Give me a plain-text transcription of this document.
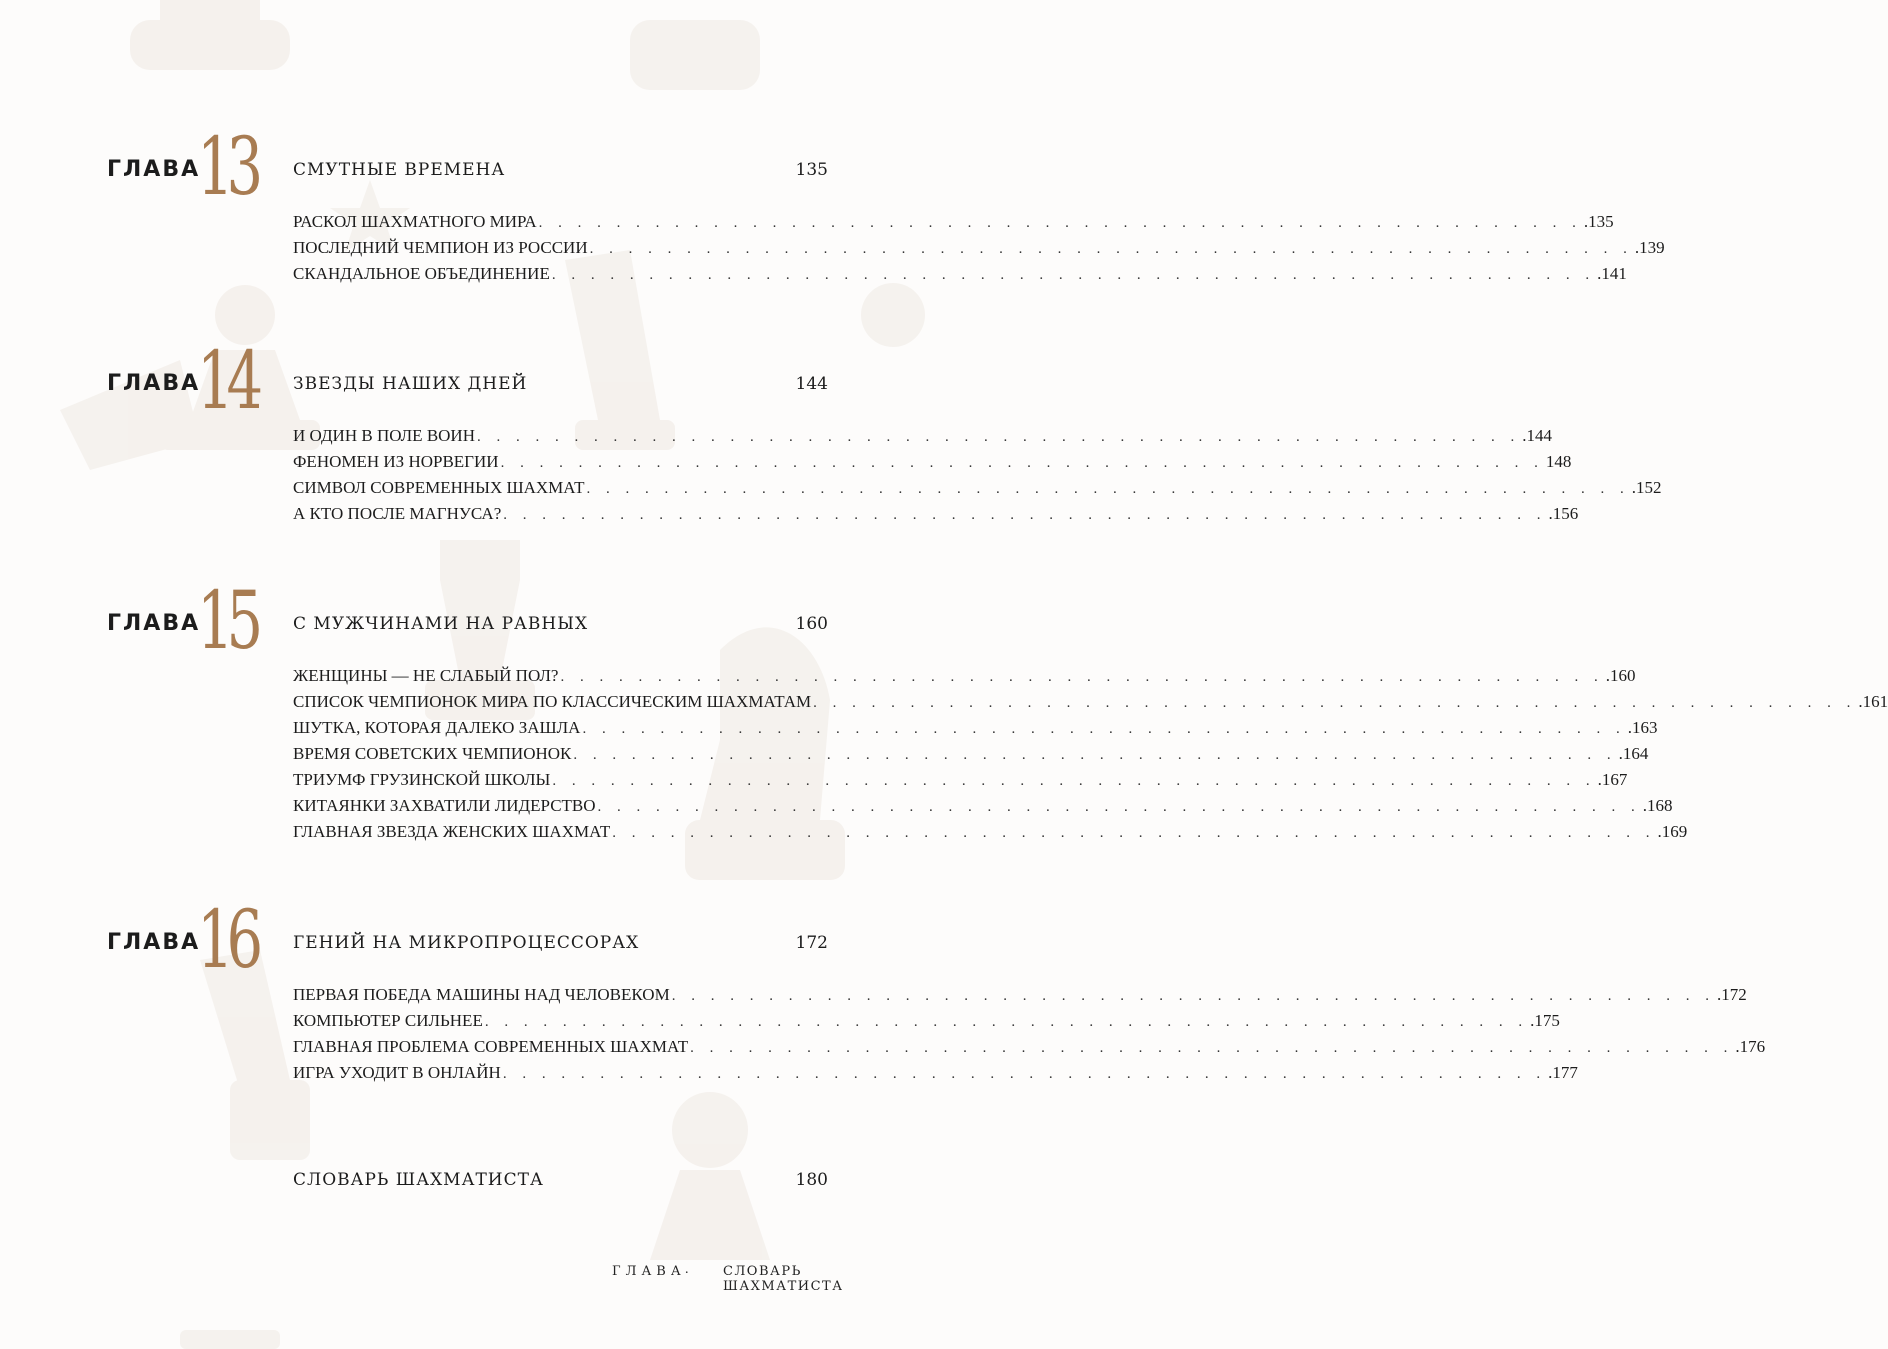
ГЛАВА
13 СМУТНЫЕ ВРЕМЕНА	135
РАСКОЛ ШАХМАТНОГО МИРА . . .	.135
ПОСЛЕДНИЙ ЧЕМПИОН ИЗ РОССИИ . . .	.139
СКАНДАЛЬНОЕ ОБЪЕДИНЕНИЕ . . .	.141
ГЛАВА
14 ЗВЕЗДЫ НАШИХ ДНЕЙ	144
И ОДИН В ПОЛЕ ВОИН . . .	.144
ФЕНОМЕН ИЗ НОРВЕГИИ . . .	148
СИМВОЛ СОВРЕМЕННЫХ ШАХМАТ . . .	.152
А КТО ПОСЛЕ МАГНУСА? . . .	.156
ГЛАВА
15 С МУЖЧИНАМИ НА РАВНЫХ	160
ЖЕНЩИНЫ — НЕ СЛАБЫЙ ПОЛ? . . .	.160
СПИСОК ЧЕМПИОНОК МИРА ПО КЛАССИЧЕСКИМ ШАХМАТАМ . . .	.161
ШУТКА, КОТОРАЯ ДАЛЕКО ЗАШЛА . . .	.163
ВРЕМЯ СОВЕТСКИХ ЧЕМПИОНОК . . .	.164
ТРИУМФ ГРУЗИНСКОЙ ШКОЛЫ . . .	.167
КИТАЯНКИ ЗАХВАТИЛИ ЛИДЕРСТВО . . .	.168
ГЛАВНАЯ ЗВЕЗДА ЖЕНСКИХ ШАХМАТ . . .	.169
ГЛАВА
16 ГЕНИЙ НА МИКРОПРОЦЕССОРАХ	172
ПЕРВАЯ ПОБЕДА МАШИНЫ НАД ЧЕЛОВЕКОМ . . .	.172
КОМПЬЮТЕР СИЛЬНЕЕ . . .	.175
ГЛАВНАЯ ПРОБЛЕМА СОВРЕМЕННЫХ ШАХМАТ . . .	.176
ИГРА УХОДИТ В ОНЛАЙН . . .	.177
СЛОВАРЬ ШАХМАТИСТА	180
ГЛАВА .	СЛОВАРЬ ШАХМАТИСТА
